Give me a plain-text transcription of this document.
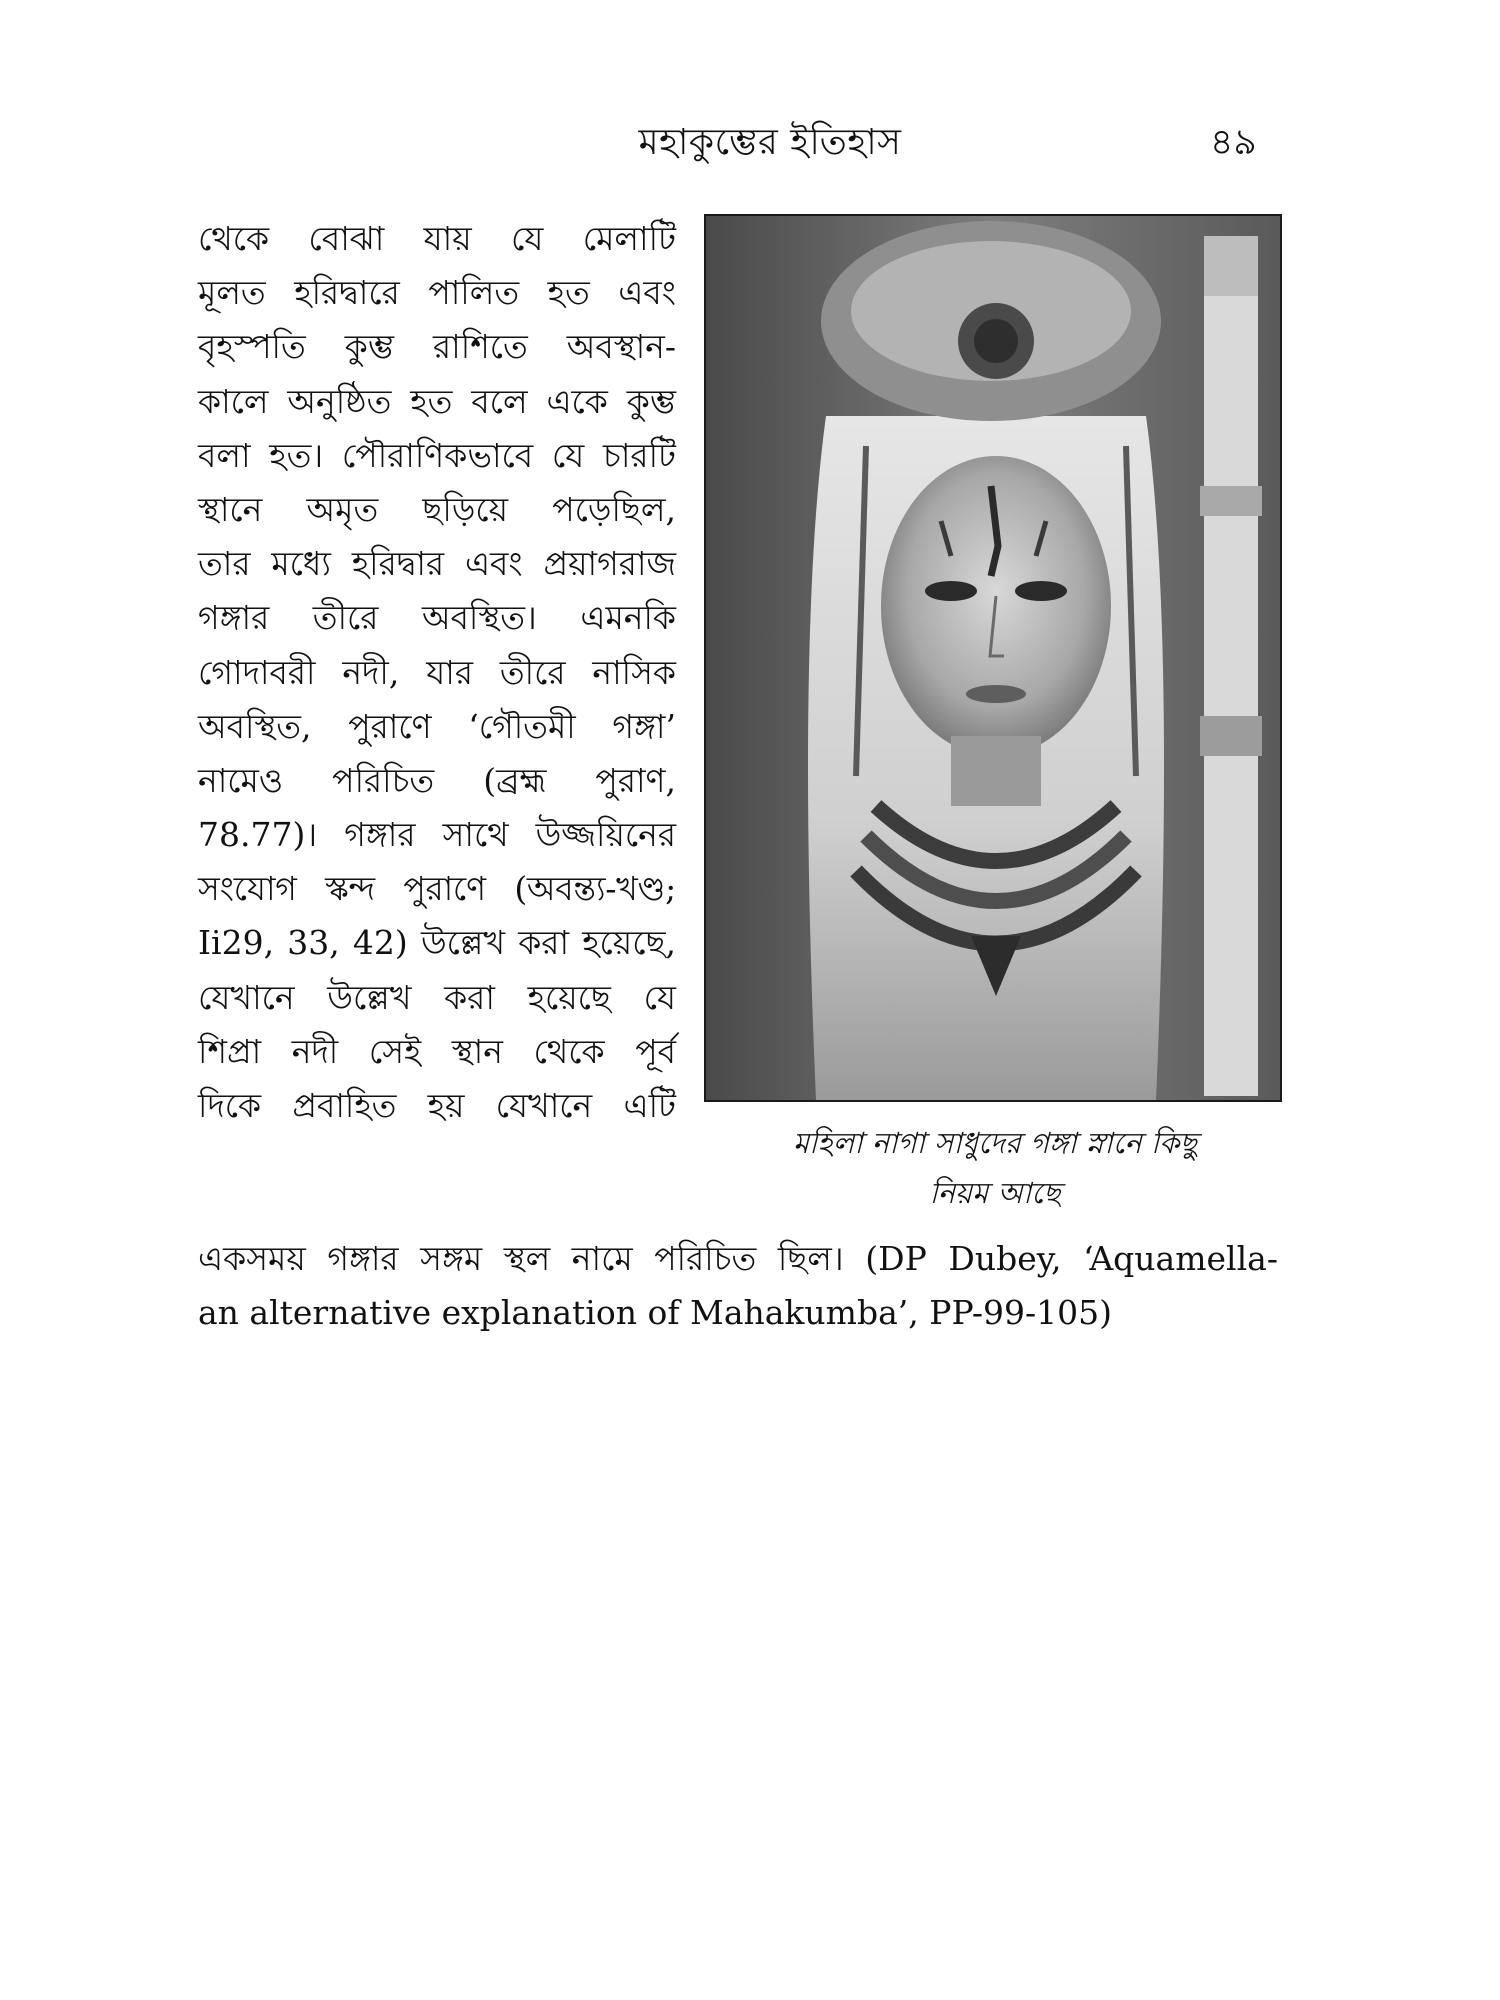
মহাকুম্ভের ইতিহাস	৪৯
থেকে বোঝা যায় যে মেলাটি
মূলত হরিদ্বারে পালিত হত এবং
বৃহস্পতি কুম্ভ রাশিতে অবস্থান-
কালে অনুষ্ঠিত হত বলে একে কুম্ভ
বলা হত। পৌরাণিকভাবে যে চারটি
স্থানে অমৃত ছড়িয়ে পড়েছিল,
তার মধ্যে হরিদ্বার এবং প্রয়াগরাজ
গঙ্গার তীরে অবস্থিত। এমনকি
গোদাবরী নদী, যার তীরে নাসিক
অবস্থিত, পুরাণে ‘গৌতমী গঙ্গা’
নামেও পরিচিত (ব্রহ্ম পুরাণ,
78.77)। গঙ্গার সাথে উজ্জয়িনের
সংযোগ স্কন্দ পুরাণে (অবন্ত্য-খণ্ড;
Ii29, 33, 42) উল্লেখ করা হয়েছে,
যেখানে উল্লেখ করা হয়েছে যে
শিপ্রা নদী সেই স্থান থেকে পূর্ব
দিকে প্রবাহিত হয় যেখানে এটি
মহিলা নাগা সাধুদের গঙ্গা স্নানে কিছু
নিয়ম আছে
একসময় গঙ্গার সঙ্গম স্থল নামে পরিচিত ছিল। (DP Dubey, ‘Aquamella-
an alternative explanation of Mahakumba’, PP-99-105)
